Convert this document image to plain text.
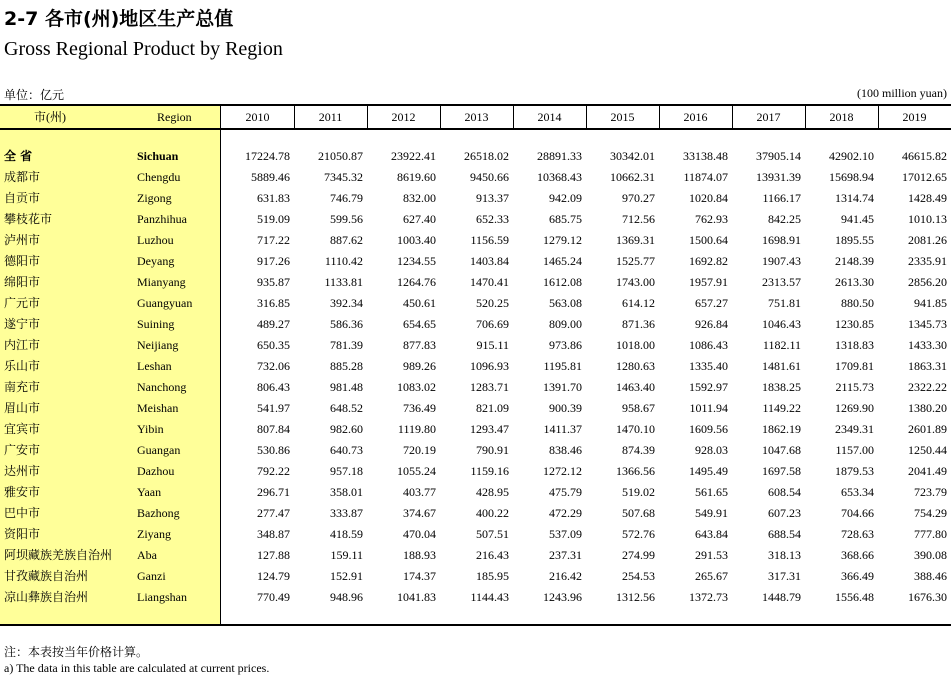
2-7 各市(州)地区生产总值
Gross Regional Product by Region
单位：亿元	(100 million yuan)
市(州)	Region	2010	2011	2012	2013	2014	2015	2016	2017	2018	2019
全 省	Sichuan	17224.78	21050.87	23922.41	26518.02	28891.33	30342.01	33138.48	37905.14	42902.10	46615.82
成都市	Chengdu	5889.46	7345.32	8619.60	9450.66	10368.43	10662.31	11874.07	13931.39	15698.94	17012.65
自贡市	Zigong	631.83	746.79	832.00	913.37	942.09	970.27	1020.84	1166.17	1314.74	1428.49
攀枝花市	Panzhihua	519.09	599.56	627.40	652.33	685.75	712.56	762.93	842.25	941.45	1010.13
泸州市	Luzhou	717.22	887.62	1003.40	1156.59	1279.12	1369.31	1500.64	1698.91	1895.55	2081.26
德阳市	Deyang	917.26	1110.42	1234.55	1403.84	1465.24	1525.77	1692.82	1907.43	2148.39	2335.91
绵阳市	Mianyang	935.87	1133.81	1264.76	1470.41	1612.08	1743.00	1957.91	2313.57	2613.30	2856.20
广元市	Guangyuan	316.85	392.34	450.61	520.25	563.08	614.12	657.27	751.81	880.50	941.85
遂宁市	Suining	489.27	586.36	654.65	706.69	809.00	871.36	926.84	1046.43	1230.85	1345.73
内江市	Neijiang	650.35	781.39	877.83	915.11	973.86	1018.00	1086.43	1182.11	1318.83	1433.30
乐山市	Leshan	732.06	885.28	989.26	1096.93	1195.81	1280.63	1335.40	1481.61	1709.81	1863.31
南充市	Nanchong	806.43	981.48	1083.02	1283.71	1391.70	1463.40	1592.97	1838.25	2115.73	2322.22
眉山市	Meishan	541.97	648.52	736.49	821.09	900.39	958.67	1011.94	1149.22	1269.90	1380.20
宜宾市	Yibin	807.84	982.60	1119.80	1293.47	1411.37	1470.10	1609.56	1862.19	2349.31	2601.89
广安市	Guangan	530.86	640.73	720.19	790.91	838.46	874.39	928.03	1047.68	1157.00	1250.44
达州市	Dazhou	792.22	957.18	1055.24	1159.16	1272.12	1366.56	1495.49	1697.58	1879.53	2041.49
雅安市	Yaan	296.71	358.01	403.77	428.95	475.79	519.02	561.65	608.54	653.34	723.79
巴中市	Bazhong	277.47	333.87	374.67	400.22	472.29	507.68	549.91	607.23	704.66	754.29
资阳市	Ziyang	348.87	418.59	470.04	507.51	537.09	572.76	643.84	688.54	728.63	777.80
阿坝藏族羌族自治州 Aba	127.88	159.11	188.93	216.43	237.31	274.99	291.53	318.13	368.66	390.08
甘孜藏族自治州	Ganzi	124.79	152.91	174.37	185.95	216.42	254.53	265.67	317.31	366.49	388.46
凉山彝族自治州	Liangshan	770.49	948.96	1041.83	1144.43	1243.96	1312.56	1372.73	1448.79	1556.48	1676.30
注：本表按当年价格计算。
a) The data in this table are calculated at current prices.
